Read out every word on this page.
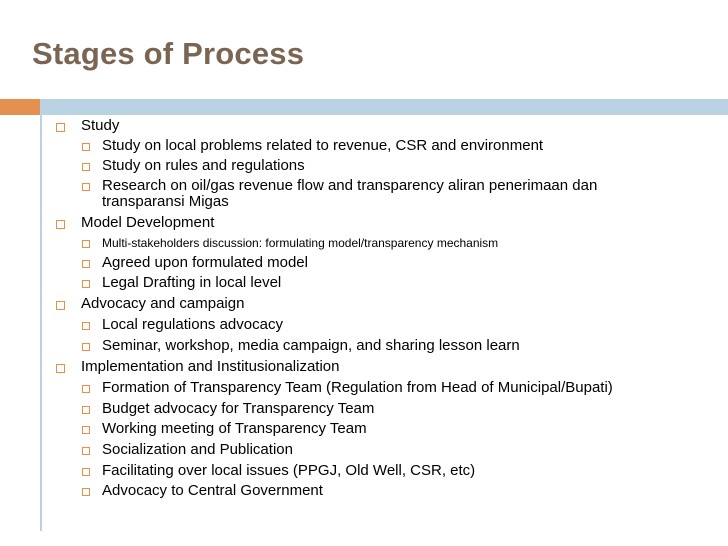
Stages of Process
Study
Study on local problems related to revenue, CSR and environment
Study on rules and regulations
Research on oil/gas revenue flow and transparency aliran penerimaan dan transparansi Migas
Model Development
Multi-stakeholders discussion: formulating model/transparency mechanism
Agreed upon formulated model
Legal Drafting in local level
Advocacy and campaign
Local regulations advocacy
Seminar, workshop, media campaign, and sharing lesson learn
Implementation and Institusionalization
Formation of Transparency Team (Regulation from Head of Municipal/Bupati)
Budget advocacy for Transparency Team
Working meeting of Transparency Team
Socialization and Publication
Facilitating over local issues (PPGJ, Old Well, CSR, etc)
Advocacy to Central Government
